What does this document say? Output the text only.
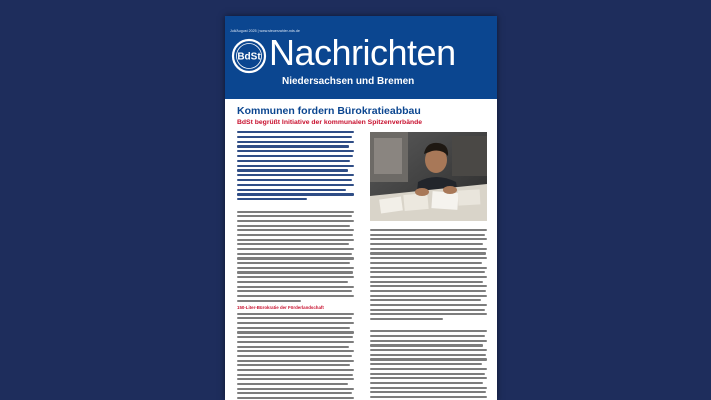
Juli/August 2025 | www.steuerzahler-nds.de
BdSt Nachrichten
Niedersachsen und Bremen
Kommunen fordern Bürokratieabbau
BdSt begrüßt Initiative der kommunalen Spitzenverbände
150-Liter-Bürokratie der Förderlandschaft
